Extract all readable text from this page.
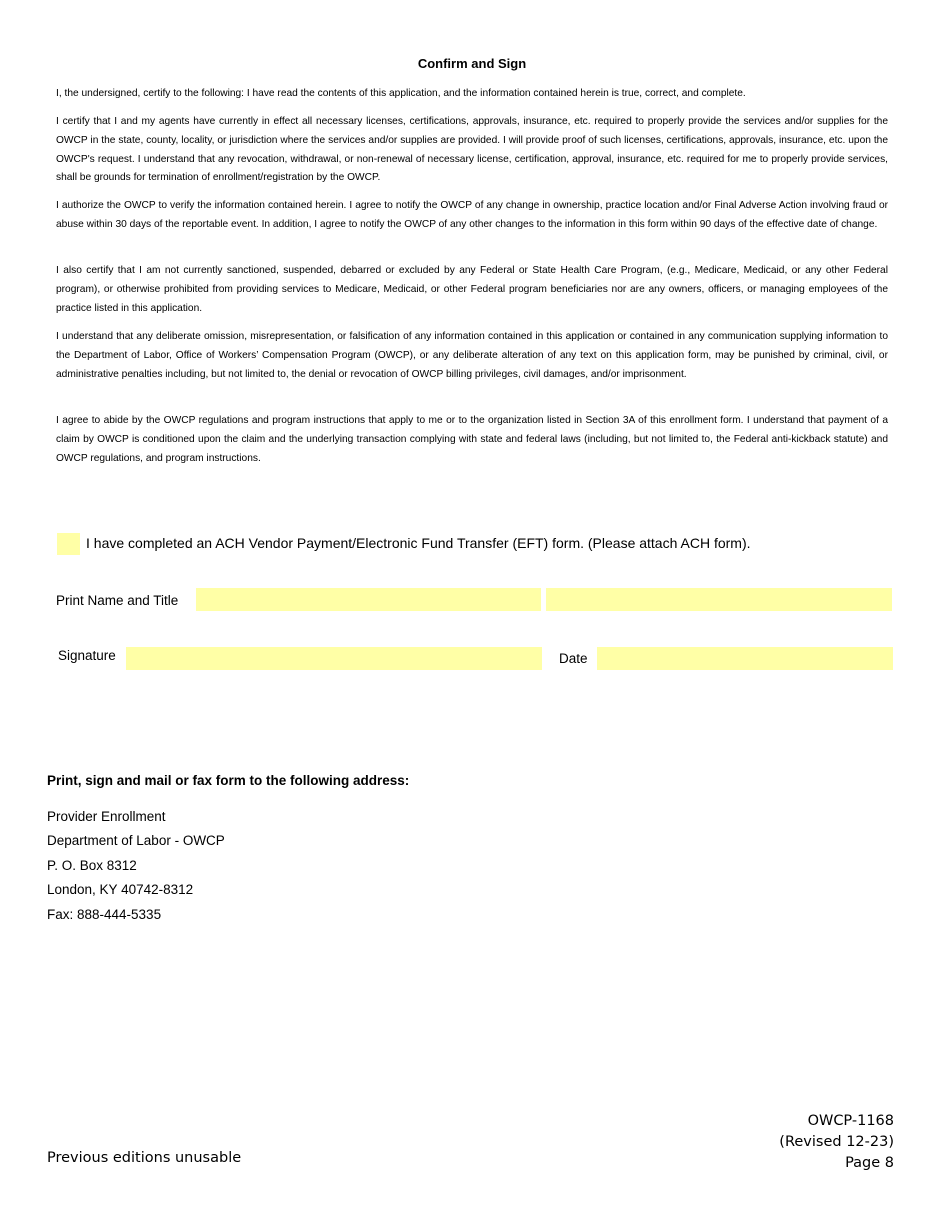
Confirm and Sign

I, the undersigned, certify to the following: I have read the contents of this application, and the information contained herein is true, correct, and complete.

I certify that I and my agents have currently in effect all necessary licenses, certifications, approvals, insurance, etc. required to properly provide the services and/or supplies for the OWCP in the state, county, locality, or jurisdiction where the services and/or supplies are provided. I will provide proof of such licenses, certifications, approvals, insurance, etc. upon the OWCP's request. I understand that any revocation, withdrawal, or non-renewal of necessary license, certification, approval, insurance, etc. required for me to properly provide services, shall be grounds for termination of enrollment/registration by the OWCP.

I authorize the OWCP to verify the information contained herein. I agree to notify the OWCP of any change in ownership, practice location and/or Final Adverse Action involving fraud or abuse within 30 days of the reportable event. In addition, I agree to notify the OWCP of any other changes to the information in this form within 90 days of the effective date of change.

I also certify that I am not currently sanctioned, suspended, debarred or excluded by any Federal or State Health Care Program, (e.g., Medicare, Medicaid, or any other Federal program), or otherwise prohibited from providing services to Medicare, Medicaid, or other Federal program beneficiaries nor are any owners, officers, or managing employees of the practice listed in this application.

I understand that any deliberate omission, misrepresentation, or falsification of any information contained in this application or contained in any communication supplying information to the Department of Labor, Office of Workers’ Compensation Program (OWCP), or any deliberate alteration of any text on this application form, may be punished by criminal, civil, or administrative penalties including, but not limited to, the denial or revocation of OWCP billing privileges, civil damages, and/or imprisonment.

I agree to abide by the OWCP regulations and program instructions that apply to me or to the organization listed in Section 3A of this enrollment form. I understand that payment of a claim by OWCP is conditioned upon the claim and the underlying transaction complying with state and federal laws (including, but not limited to, the Federal anti-kickback statute) and OWCP regulations, and program instructions.

I have completed an ACH Vendor Payment/Electronic Fund Transfer (EFT) form. (Please attach ACH form).
Print Name and Title
Signature	Date
Print, sign and mail or fax form to the following address:
Provider Enrollment
Department of Labor - OWCP
P. O. Box 8312
London, KY 40742-8312
Fax: 888-444-5335
Previous editions unusable
OWCP-1168
(Revised 12-23)
Page 8
